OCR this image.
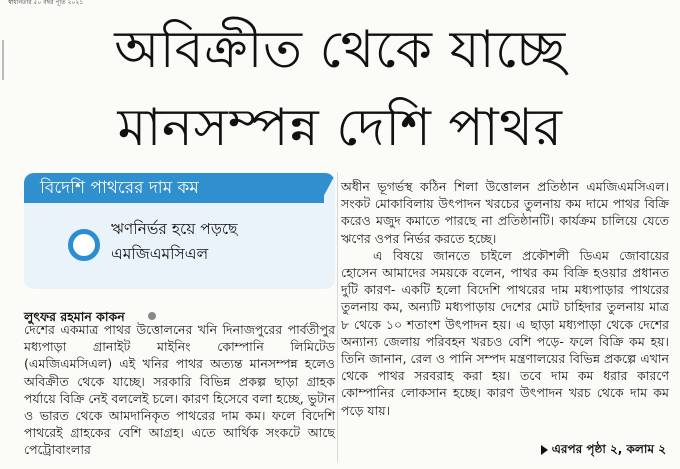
স্বাধীনতার ৫০ বছর পূর্তি ২০২১
অবিক্রীত থেকে যাচ্ছে
মানসম্পন্ন দেশি পাথর
বিদেশি পাথরের দাম কম
ঋণনির্ভর হয়ে পড়ছে
এমজিএমসিএল
লুৎফর রহমান কাকন

দেশের একমাত্র পাথর উত্তোলনের খনি দিনাজপুরের পার্বতীপুর মধ্যপাড়া গ্রানাইট মাইনিং কোম্পানি লিমিটেড (এমজিএমসিএল) এই খনির পাথর অত্যন্ত মানসম্পন্ন হলেও অবিক্রীত থেকে যাচ্ছে। সরকারি বিভিন্ন প্রকল্প ছাড়া গ্রাহক পর্যায়ে বিক্রি নেই বললেই চলে। কারণ হিসেবে বলা হচ্ছে, ভুটান ও ভারত থেকে আমদানিকৃত পাথরের দাম কম। ফলে বিদেশি পাথরেই গ্রাহকের বেশি আগ্রহ। এতে আর্থিক সংকটে আছে পেট্রোবাংলার

অধীন ভূগর্ভস্থ কঠিন শিলা উত্তোলন প্রতিষ্ঠান এমজিএমসিএল। সংকট মোকাবিলায় উৎপাদন খরচের তুলনায় কম দামে পাথর বিক্রি করেও মজুদ কমাতে পারছে না প্রতিষ্ঠানটি। কার্যক্রম চালিয়ে যেতে ঋণের ওপর নির্ভর করতে হচ্ছে।

এ বিষয়ে জানতে চাইলে প্রকৌশলী ডিএম জোবায়ের হোসেন আমাদের সময়কে বলেন, পাথর কম বিক্রি হওয়ার প্রধানত দুটি কারণ- একটি হলো বিদেশি পাথরের দাম মধ্যপাড়ার পাথরের তুলনায় কম, অন্যটি মধ্যপাড়ায় দেশের মোট চাহিদার তুলনায় মাত্র ৮ থেকে ১০ শতাংশ উৎপাদন হয়। এ ছাড়া মধ্যপাড়া থেকে দেশের অন্যান্য জেলায় পরিবহন খরচও বেশি পড়ে- ফলে বিক্রি কম হয়। তিনি জানান, রেল ও পানি সম্পদ মন্ত্রণালয়ের বিভিন্ন প্রকল্পে এখান থেকে পাথর সরবরাহ করা হয়। তবে দাম কম ধরার কারণে কোম্পানির লোকসান হচ্ছে। কারণ উৎপাদন খরচ থেকে দাম কম পড়ে যায়।

এরপর পৃষ্ঠা ২, কলাম ২
